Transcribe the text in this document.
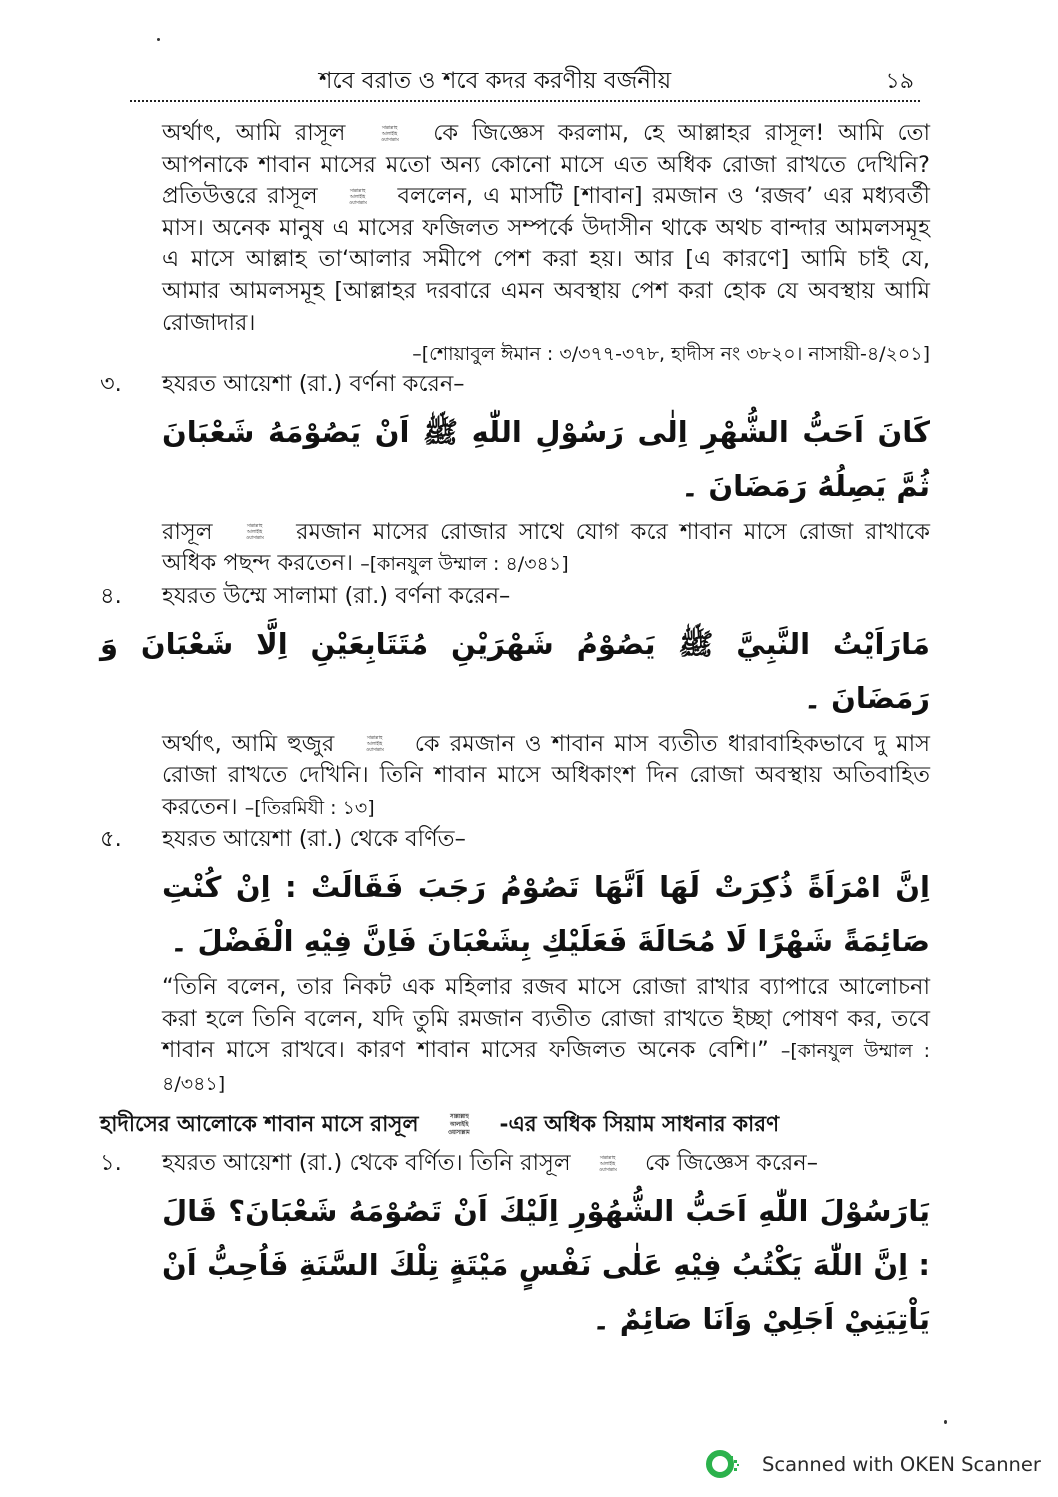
শবে বরাত ও শবে কদর করণীয় বর্জনীয়	১৯

অর্থাৎ, আমি রাসূল	সাল্লাল্লাহু
আলাইহি
ওয়াসাল্লাম কে জিজ্ঞেস করলাম, হে আল্লাহর রাসূল! আমি তো আপনাকে শাবান মাসের মতো অন্য কোনো মাসে এত অধিক রোজা রাখতে দেখিনি? প্রতিউত্তরে রাসূল	সাল্লাল্লাহু
আলাইহি
ওয়াসাল্লাম বললেন, এ মাসটি [শাবান] রমজান ও ‘রজব’ এর মধ্যবর্তী মাস। অনেক মানুষ এ মাসের ফজিলত সম্পর্কে উদাসীন থাকে অথচ বান্দার আমলসমূহ এ মাসে আল্লাহ তা‘আলার সমীপে পেশ করা হয়। আর [এ কারণে] আমি চাই যে, আমার আমলসমূহ [আল্লাহর দরবারে এমন অবস্থায় পেশ করা হোক যে অবস্থায় আমি রোজাদার।

–[শোয়াবুল ঈমান : ৩/৩৭৭-৩৭৮, হাদীস নং ৩৮২০। নাসায়ী-৪/২০১]

৩.	হযরত আয়েশা (রা.) বর্ণনা করেন–

كَانَ اَحَبُّ الشُّهْرِ اِلٰى رَسُوْلِ اللّٰهِ ﷺ اَنْ يَصُوْمَهُ شَعْبَانَ ثُمَّ يَصِلُهُ رَمَضَانَ ۔

রাসূল	সাল্লাল্লাহু
আলাইহি
ওয়াসাল্লাম রমজান মাসের রোজার সাথে যোগ করে শাবান মাসে রোজা রাখাকে অধিক পছন্দ করতেন। –[কানযুল উম্মাল : ৪/৩৪১]

৪.	হযরত উম্মে সালামা (রা.) বর্ণনা করেন–

مَارَاَيْتُ النَّبِيَّ ﷺ يَصُوْمُ شَهْرَيْنِ مُتَتَابِعَيْنِ اِلَّا شَعْبَانَ وَ رَمَضَانَ ۔

অর্থাৎ, আমি হুজুর	সাল্লাল্লাহু
আলাইহি
ওয়াসাল্লাম কে রমজান ও শাবান মাস ব্যতীত ধারাবাহিকভাবে দু মাস রোজা রাখতে দেখিনি। তিনি শাবান মাসে অধিকাংশ দিন রোজা অবস্থায় অতিবাহিত করতেন। –[তিরমিযী : ১৩]

৫.	হযরত আয়েশা (রা.) থেকে বর্ণিত–

اِنَّ امْرَاَةً ذُكِرَتْ لَهَا اَنَّهَا تَصُوْمُ رَجَبَ فَقَالَتْ : اِنْ كُنْتِ صَائِمَةً شَهْرًا لَا مُحَالَةَ فَعَلَيْكِ بِشَعْبَانَ فَاِنَّ فِيْهِ الْفَضْلَ ۔

“তিনি বলেন, তার নিকট এক মহিলার রজব মাসে রোজা রাখার ব্যাপারে আলোচনা করা হলে তিনি বলেন, যদি তুমি রমজান ব্যতীত রোজা রাখতে ইচ্ছা পোষণ কর, তবে শাবান মাসে রাখবে। কারণ শাবান মাসের ফজিলত অনেক বেশি।” –[কানযুল উম্মাল : ৪/৩৪১]

হাদীসের আলোকে শাবান মাসে রাসূল	সাল্লাল্লাহু
আলাইহি
ওয়াসাল্লাম -এর অধিক সিয়াম সাধনার কারণ
১.	হযরত আয়েশা (রা.) থেকে বর্ণিত। তিনি রাসূল	সাল্লাল্লাহু
আলাইহি
ওয়াসাল্লাম কে জিজ্ঞেস করেন–

يَارَسُوْلَ اللّٰهِ اَحَبُّ الشُّهُوْرِ اِلَيْكَ اَنْ تَصُوْمَهُ شَعْبَانَ؟ قَالَ : اِنَّ اللّٰهَ يَكْتُبُ فِيْهِ عَلٰى نَفْسٍ مَيْتَةٍ تِلْكَ السَّنَةِ فَاُحِبُّ اَنْ يَاْتِيَنِيْ اَجَلِيْ وَاَنَا صَائِمٌ ۔

Scanned with OKEN Scanner
